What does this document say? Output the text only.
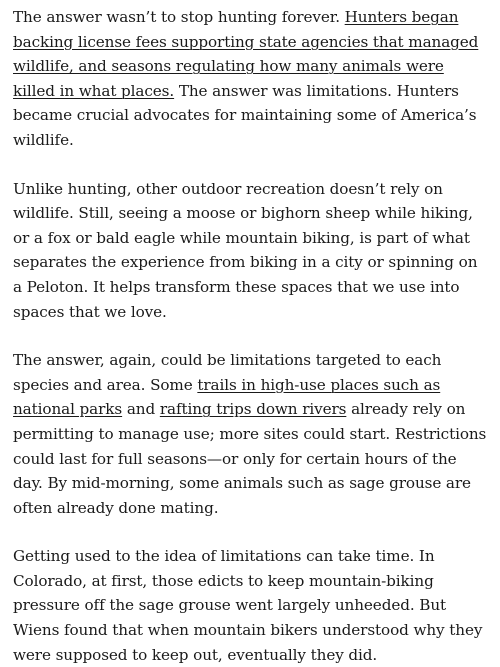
The answer wasn’t to stop hunting forever. Hunters began backing license fees supporting state agencies that managed wildlife, and seasons regulating how many animals were killed in what places. The answer was limitations. Hunters became crucial advocates for maintaining some of America’s wildlife.

Unlike hunting, other outdoor recreation doesn’t rely on wildlife. Still, seeing a moose or bighorn sheep while hiking, or a fox or bald eagle while mountain biking, is part of what separates the experience from biking in a city or spinning on a Peloton. It helps transform these spaces that we use into spaces that we love.

The answer, again, could be limitations targeted to each species and area. Some trails in high-use places such as national parks and rafting trips down rivers already rely on permitting to manage use; more sites could start. Restrictions could last for full seasons—or only for certain hours of the day. By mid-morning, some animals such as sage grouse are often already done mating.

Getting used to the idea of limitations can take time. In Colorado, at first, those edicts to keep mountain-biking pressure off the sage grouse went largely unheeded. But Wiens found that when mountain bikers understood why they were supposed to keep out, eventually they did.
